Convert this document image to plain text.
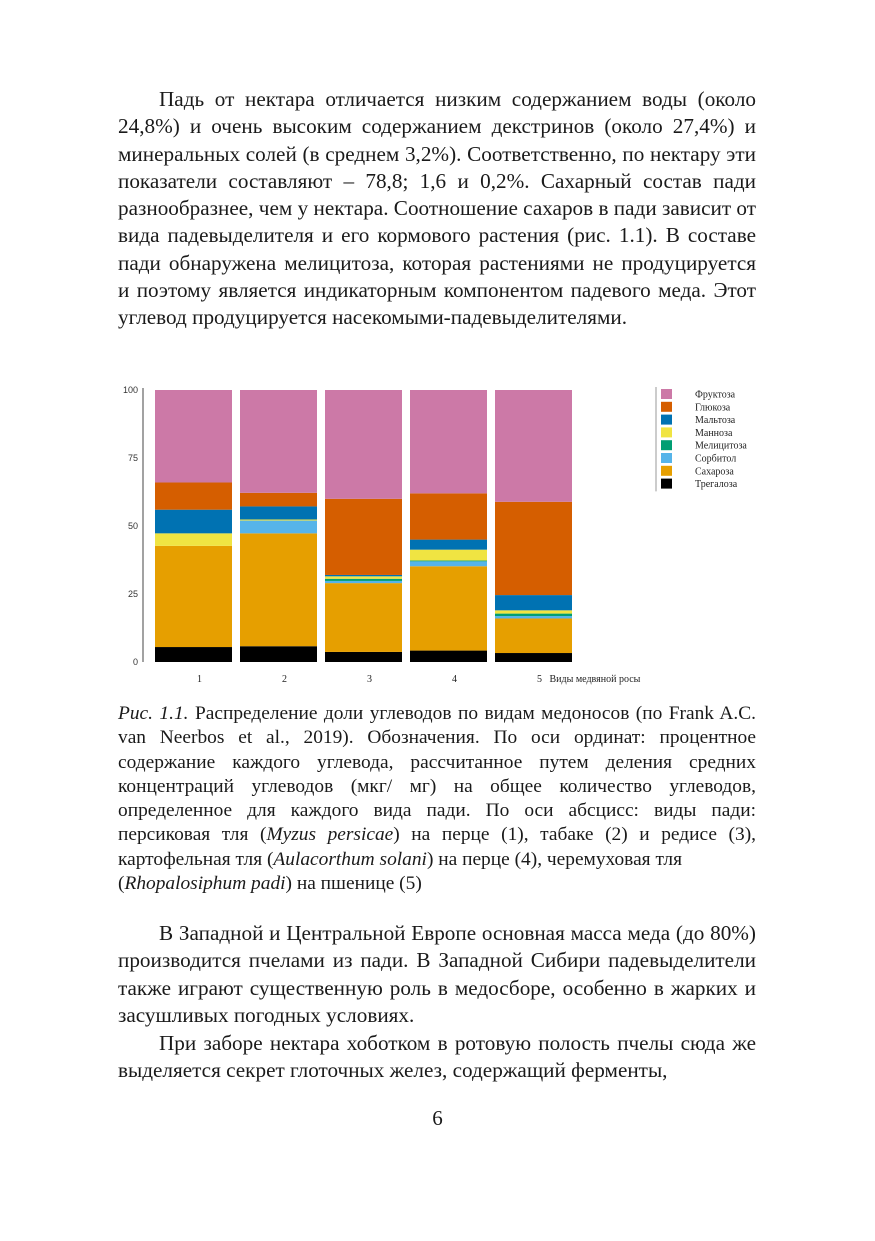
Падь от нектара отличается низким содержанием воды (около 24,8%) и очень высоким содержанием декстринов (около 27,4%) и минеральных солей (в среднем 3,2%). Соответственно, по нектару эти показатели составляют – 78,8; 1,6 и 0,2%. Сахарный состав пади разнообразнее, чем у нектара. Соотношение сахаров в пади зависит от вида падевыделителя и его кормового растения (рис. 1.1). В составе пади обнаружена мелицитоза, которая растениями не продуцируется и поэтому является индикаторным компонентом падевого меда. Этот углевод продуцируется насекомыми-падевыделителями.

0
25
50
75
100
1	2	3	4	5 Виды медвяной росы
Фруктоза
Глюкоза
Мальтоза
Манноза
Мелицитоза
Сорбитол
Сахароза
Трегалоза

Рис. 1.1. Распределение доли углеводов по видам медоносов (по Frank A.C. van Neerbos et al., 2019). Обозначения. По оси ординат: процентное содержание каждого углевода, рассчитанное путем деления средних концентраций углеводов (мкг/ мг) на общее количество углеводов, определенное для каждого вида пади. По оси абсцисс: виды пади: персиковая тля (Myzus persicae) на перце (1), табаке (2) и редисе (3), картофельная тля (Aulacorthum solani) на перце (4), черемуховая тля
(Rhopalosiphum padi) на пшенице (5)

В Западной и Центральной Европе основная масса меда (до 80%) производится пчелами из пади. В Западной Сибири падевыделители также играют существенную роль в медосборе, особенно в жарких и засушливых погодных условиях.

При заборе нектара хоботком в ротовую полость пчелы сюда же выделяется секрет глоточных желез, содержащий ферменты,

6
